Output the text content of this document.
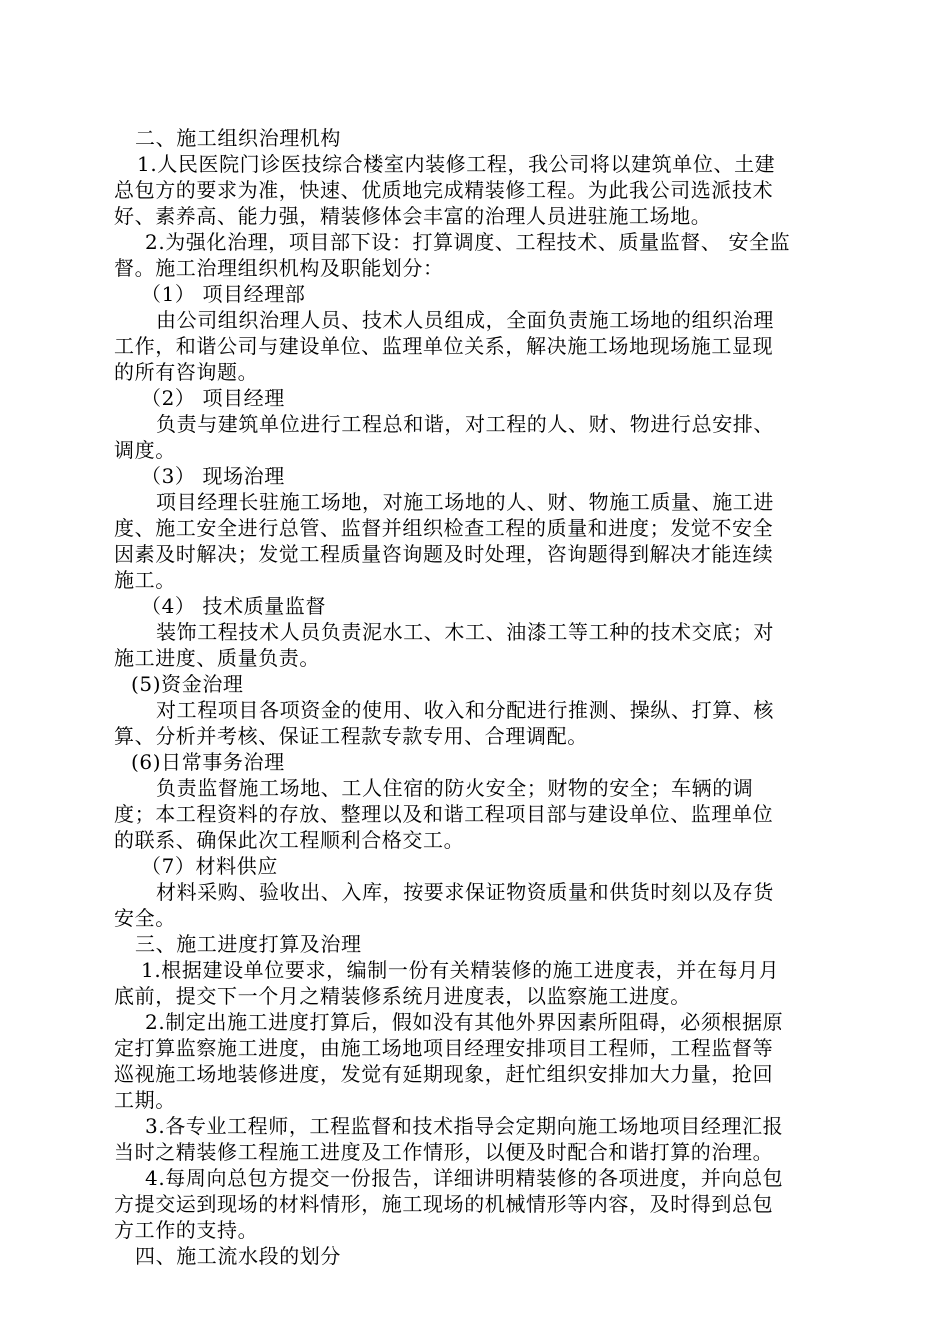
二、施工组织治理机构
1.人民医院门诊医技综合楼室内装修工程，我公司将以建筑单位、土建
总包方的要求为准，快速、优质地完成精装修工程。为此我公司选派技术
好、素养高、能力强，精装修体会丰富的治理人员进驻施工场地。
2.为强化治理，项目部下设：打算调度、工程技术、质量监督、 安全监
督。施工治理组织机构及职能划分：
（1） 项目经理部
由公司组织治理人员、技术人员组成，全面负责施工场地的组织治理
工作，和谐公司与建设单位、监理单位关系，解决施工场地现场施工显现
的所有咨询题。
（2） 项目经理
负责与建筑单位进行工程总和谐，对工程的人、财、物进行总安排、
调度。
（3） 现场治理
项目经理长驻施工场地，对施工场地的人、财、物施工质量、施工进
度、施工安全进行总管、监督并组织检查工程的质量和进度；发觉不安全
因素及时解决；发觉工程质量咨询题及时处理，咨询题得到解决才能连续
施工。
（4） 技术质量监督
装饰工程技术人员负责泥水工、木工、油漆工等工种的技术交底；对
施工进度、质量负责。
(5)资金治理
对工程项目各项资金的使用、收入和分配进行推测、操纵、打算、核
算、分析并考核、保证工程款专款专用、合理调配。
(6)日常事务治理
负责监督施工场地、工人住宿的防火安全；财物的安全；车辆的调
度；本工程资料的存放、整理以及和谐工程项目部与建设单位、监理单位
的联系、确保此次工程顺利合格交工。
（7）材料供应
材料采购、验收出、入库，按要求保证物资质量和供货时刻以及存货
安全。
三、施工进度打算及治理
1.根据建设单位要求，编制一份有关精装修的施工进度表，并在每月月
底前，提交下一个月之精装修系统月进度表，以监察施工进度。
2.制定出施工进度打算后，假如没有其他外界因素所阻碍，必须根据原
定打算监察施工进度，由施工场地项目经理安排项目工程师，工程监督等
巡视施工场地装修进度，发觉有延期现象，赶忙组织安排加大力量，抢回
工期。
3.各专业工程师，工程监督和技术指导会定期向施工场地项目经理汇报
当时之精装修工程施工进度及工作情形，以便及时配合和谐打算的治理。
4.每周向总包方提交一份报告，详细讲明精装修的各项进度，并向总包
方提交运到现场的材料情形，施工现场的机械情形等内容，及时得到总包
方工作的支持。
四、施工流水段的划分
